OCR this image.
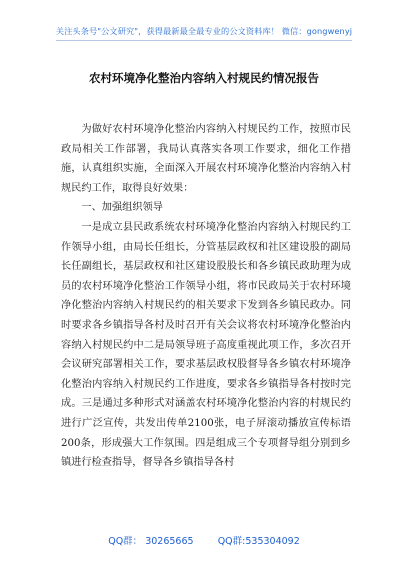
关注头条号"公文研究"，获得最新最全最专业的公文资料库！ 微信：gongwenyj
农村环境净化整治内容纳入村规民约情况报告

为做好农村环境净化整治内容纳入村规民约工作，按照市民政局相关工作部署，我局认真落实各项工作要求，细化工作措施，认真组织实施，全面深入开展农村环境净化整治内容纳入村规民约工作，取得良好效果：

一、加强组织领导

一是成立县民政系统农村环境净化整治内容纳入村规民约工作领导小组，由局长任组长，分管基层政权和社区建设股的副局长任副组长，基层政权和社区建设股股长和各乡镇民政助理为成员的农村环境净化整治工作领导小组，将市民政局关于农村环境净化整治内容纳入村规民约的相关要求下发到各乡镇民政办。同时要求各乡镇指导各村及时召开有关会议将农村环境净化整治内容纳入村规民约中二是局领导班子高度重视此项工作，多次召开会议研究部署相关工作，要求基层政权股督导各乡镇农村环境净化整治内容纳入村规民约工作进度，要求各乡镇指导各村按时完成。三是通过多种形式对涵盖农村环境净化整治内容的村规民约进行广泛宣传，共发出传单2100张，电子屏滚动播放宣传标语200条，形成强大工作氛围。四是组成三个专项督导组分别到乡镇进行检查指导，督导各乡镇指导各村

QQ群： 30265665        QQ群:535304092
